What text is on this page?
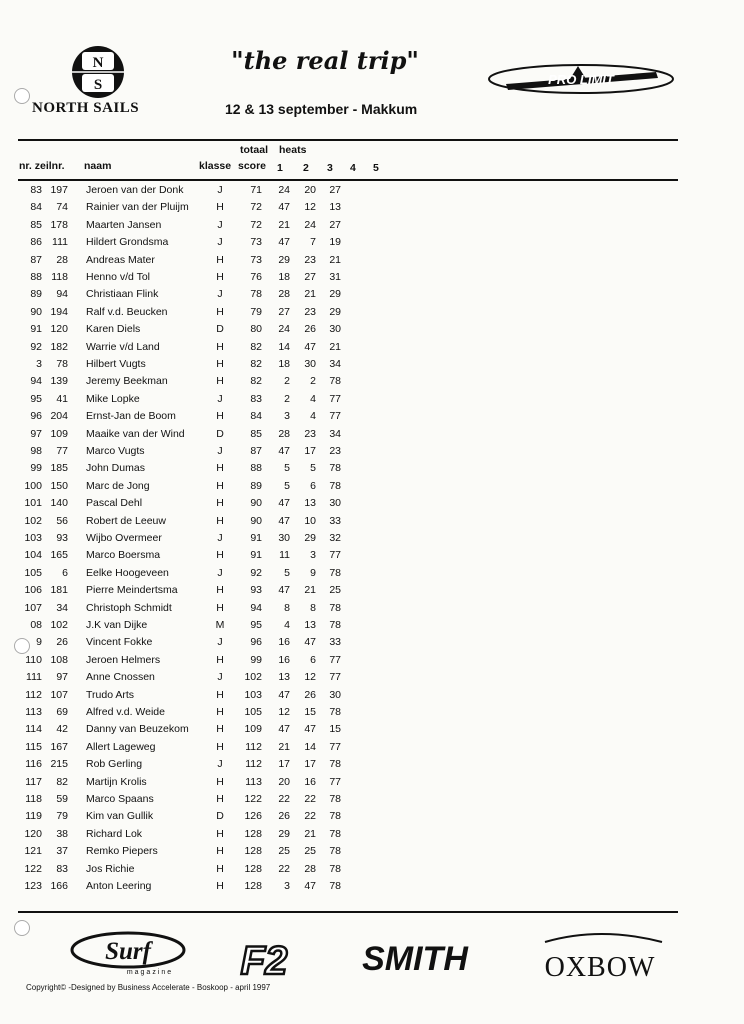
N
S
NORTH SAILS
"the real trip"
12 & 13 september - Makkum
PRO LIMIT
totaal heats
nr. zeilnr. naam	klasse score 1 2 3 4 5
83 197 Jeroen van der Donk	J	71	24	20	27
84	74 Rainier van der Pluijm	H	72	47	12	13
85 178 Maarten Jansen	J	72	21	24	27
86 111 Hildert Grondsma	J	73	47	7	19
87	28 Andreas Mater	H	73	29	23	21
88 118 Henno v/d Tol	H	76	18	27	31
89	94 Christiaan Flink	J	78	28	21	29
90 194 Ralf v.d. Beucken	H	79	27	23	29
91 120 Karen Diels	D	80	24	26	30
92 182 Warrie v/d Land	H	82	14	47	21
3	78 Hilbert Vugts	H	82	18	30	34
94 139 Jeremy Beekman	H	82	2	2	78
95	41 Mike Lopke	J	83	2	4	77
96 204 Ernst-Jan de Boom	H	84	3	4	77
97 109 Maaike van der Wind	D	85	28	23	34
98	77 Marco Vugts	J	87	47	17	23
99 185 John Dumas	H	88	5	5	78
100 150 Marc de Jong	H	89	5	6	78
101 140 Pascal Dehl	H	90	47	13	30
102	56 Robert de Leeuw	H	90	47	10	33
103	93 Wijbo Overmeer	J	91	30	29	32
104 165 Marco Boersma	H	91	11	3	77
105	6 Eelke Hoogeveen	J	92	5	9	78
106 181 Pierre Meindertsma	H	93	47	21	25
107	34 Christoph Schmidt	H	94	8	8	78
08 102 J.K van Dijke	M	95	4	13	78
9	26 Vincent Fokke	J	96	16	47	33
110 108 Jeroen Helmers	H	99	16	6	77
111	97 Anne Cnossen	J	102	13	12	77
112 107 Trudo Arts	H	103	47	26	30
113	69 Alfred v.d. Weide	H	105	12	15	78
114	42 Danny van Beuzekom	H	109	47	47	15
115 167 Allert Lageweg	H	112	21	14	77
116 215 Rob Gerling	J	112	17	17	78
117	82 Martijn Krolis	H	113	20	16	77
118	59 Marco Spaans	H	122	22	22	78
119	79 Kim van Gullik	D	126	26	22	78
120	38 Richard Lok	H	128	29	21	78
121	37 Remko Piepers	H	128	25	25	78
122	83 Jos Richie	H	128	22	28	78
123 166 Anton Leering	H	128	3	47	78
Surf
magazine F2 SMITH	OXBOW
Copyright© -Designed by Business Accelerate - Boskoop - april 1997
